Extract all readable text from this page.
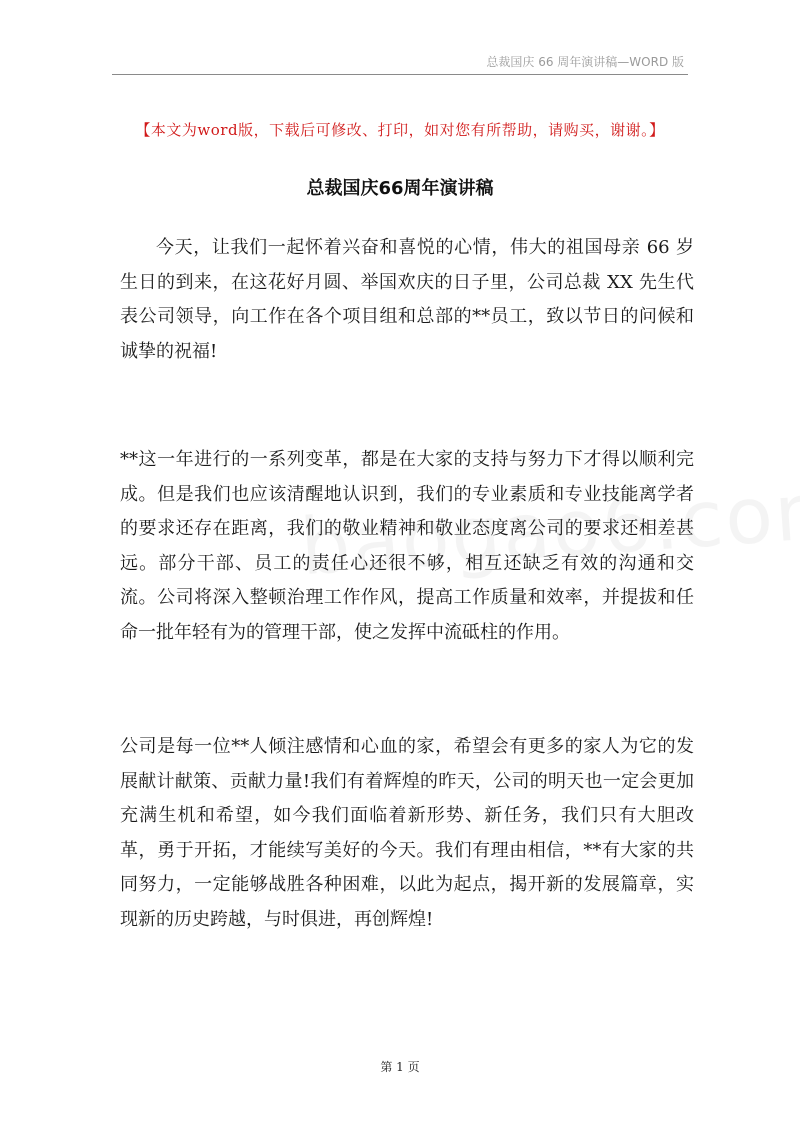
总裁国庆 66 周年演讲稿—WORD 版
【本文为word版，下载后可修改、打印，如对您有所帮助，请购买，谢谢。】
总裁国庆66周年演讲稿

今天，让我们一起怀着兴奋和喜悦的心情，伟大的祖国母亲 66 岁生日的到来，在这花好月圆、举国欢庆的日子里，公司总裁 XX 先生代表公司领导，向工作在各个项目组和总部的**员工，致以节日的问候和诚挚的祝福!

**这一年进行的一系列变革，都是在大家的支持与努力下才得以顺利完成。但是我们也应该清醒地认识到，我们的专业素质和专业技能离学者的要求还存在距离，我们的敬业精神和敬业态度离公司的要求还相差甚远。部分干部、员工的责任心还很不够，相互还缺乏有效的沟通和交流。公司将深入整顿治理工作作风，提高工作质量和效率，并提拔和任命一批年轻有为的管理干部，使之发挥中流砥柱的作用。

公司是每一位**人倾注感情和心血的家，希望会有更多的家人为它的发展献计献策、贡献力量!我们有着辉煌的昨天，公司的明天也一定会更加充满生机和希望，如今我们面临着新形势、新任务，我们只有大胆改革，勇于开拓，才能续写美好的今天。我们有理由相信，**有大家的共同努力，一定能够战胜各种困难，以此为起点，揭开新的发展篇章，实现新的历史跨越，与时俱进，再创辉煌!

第 1 页
